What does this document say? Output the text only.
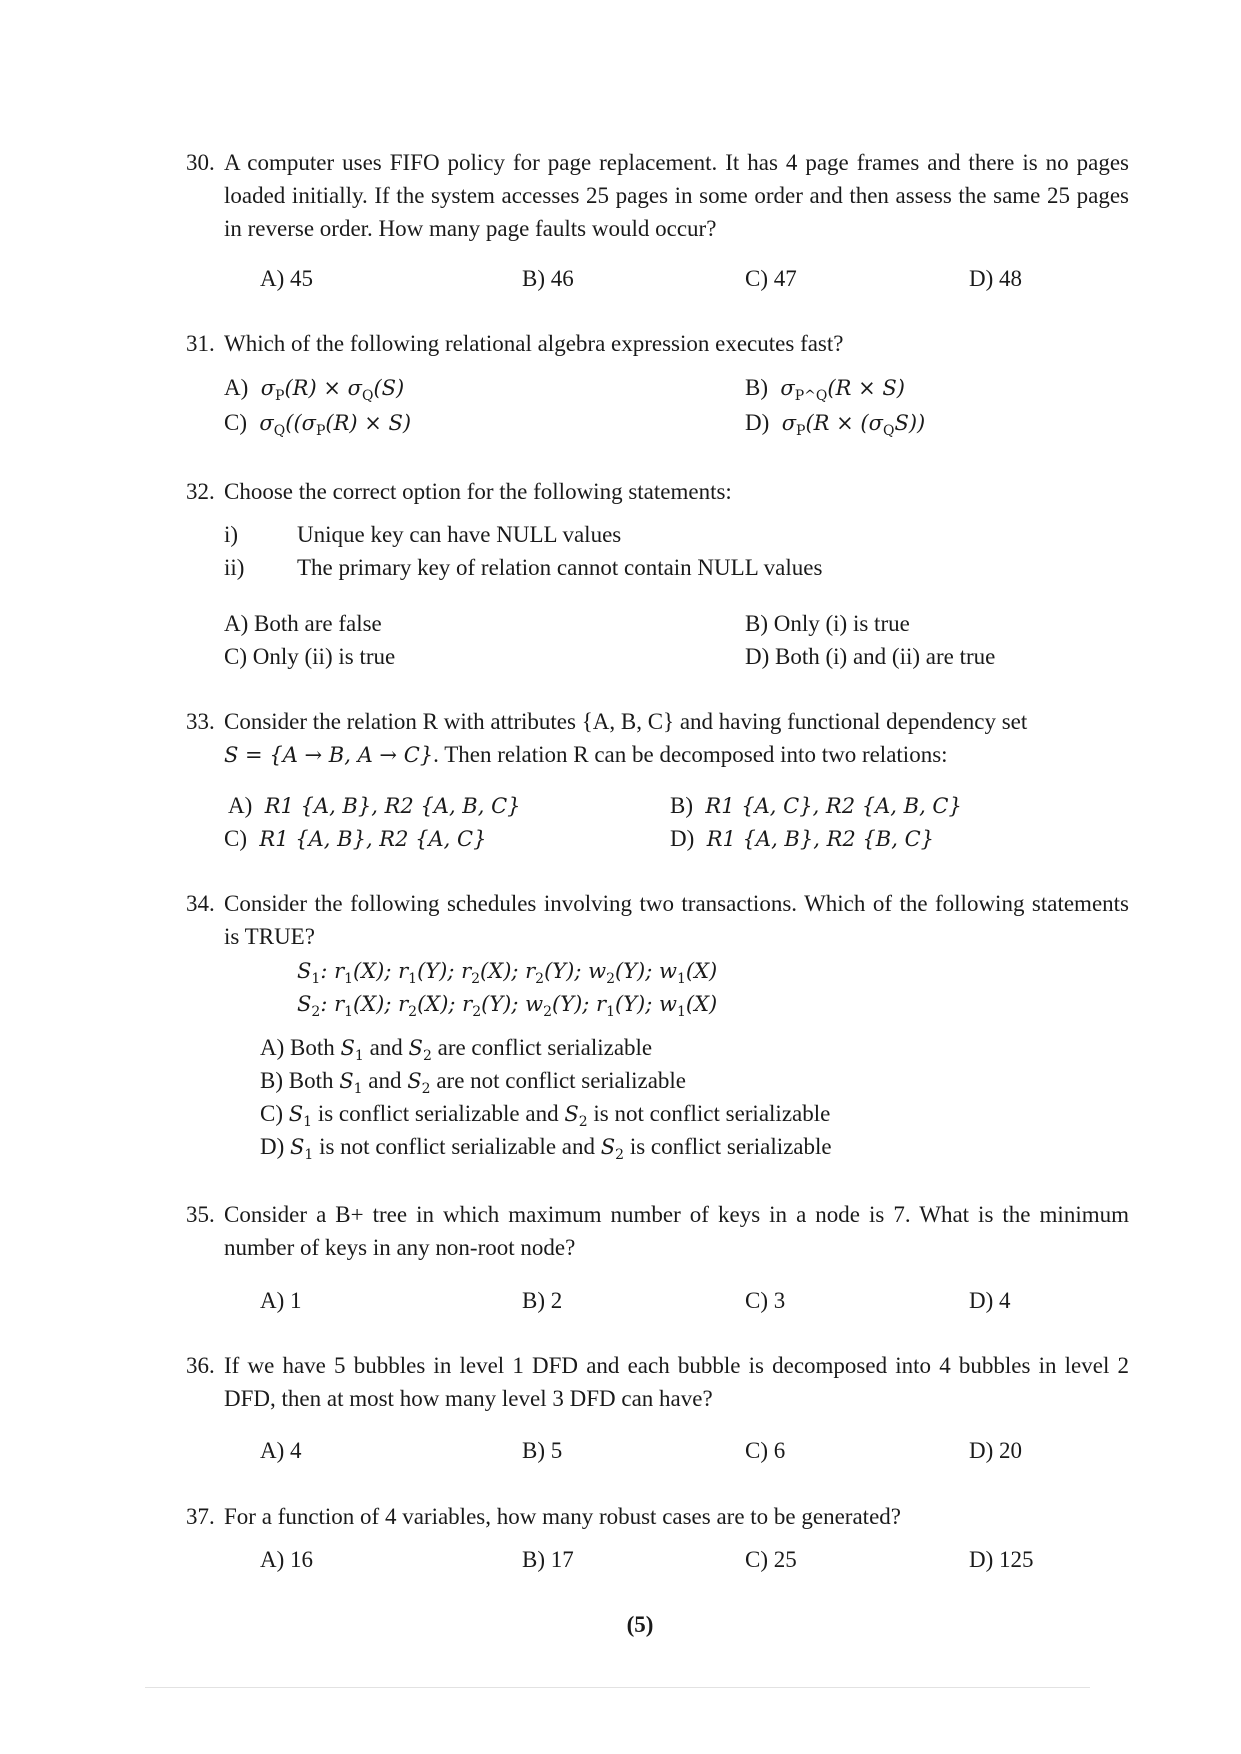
30. A computer uses FIFO policy for page replacement. It has 4 page frames and there is no pages loaded initially. If the system accesses 25 pages in some order and then assess the same 25 pages in reverse order. How many page faults would occur?
A) 45	B) 46	C) 47	D) 48
31. Which of the following relational algebra expression executes fast?
A)  $\sigma_P(R) \times \sigma_Q(S)$	B)  $\sigma_{P\^{}Q}(R \times S)$
C)  $\sigma_Q((\sigma_P(R) \times S)$	D)  $\sigma_P(R \times (\sigma_QS))$
32. Choose the correct option for the following statements:
i)	Unique key can have NULL values
ii) The primary key of relation cannot contain NULL values
A) Both are false	B) Only (i) is true
C) Only (ii) is true	D) Both (i) and (ii) are true
33. Consider the relation R with attributes {A, B, C} and having functional dependency set
S = {A → B, A → C}. Then relation R can be decomposed into two relations:
A)  R1 {A, B}, R2 {A, B, C}	B)  R1 {A, C}, R2 {A, B, C}
C)  R1 {A, B}, R2 {A, C}	D)  R1 {A, B}, R2 {B, C}
34. Consider the following schedules involving two transactions. Which of the following statements is TRUE?
$S_1$: $r_1(X)$; $r_1(Y)$; $r_2(X)$; $r_2(Y)$; $w_2(Y)$; $w_1(X)$
$S_2$: $r_1(X)$; $r_2(X)$; $r_2(Y)$; $w_2(Y)$; $r_1(Y)$; $w_1(X)$
A) Both $S_1$ and $S_2$ are conflict serializable
B) Both $S_1$ and $S_2$ are not conflict serializable
C) $S_1$ is conflict serializable and $S_2$ is not conflict serializable
D) $S_1$ is not conflict serializable and $S_2$ is conflict serializable
35. Consider a B+ tree in which maximum number of keys in a node is 7. What is the minimum number of keys in any non-root node?
A) 1	B) 2	C) 3	D) 4
36. If we have 5 bubbles in level 1 DFD and each bubble is decomposed into 4 bubbles in level 2 DFD, then at most how many level 3 DFD can have?
A) 4	B) 5	C) 6	D) 20
37. For a function of 4 variables, how many robust cases are to be generated?
A) 16	B) 17	C) 25	D) 125
(5)
